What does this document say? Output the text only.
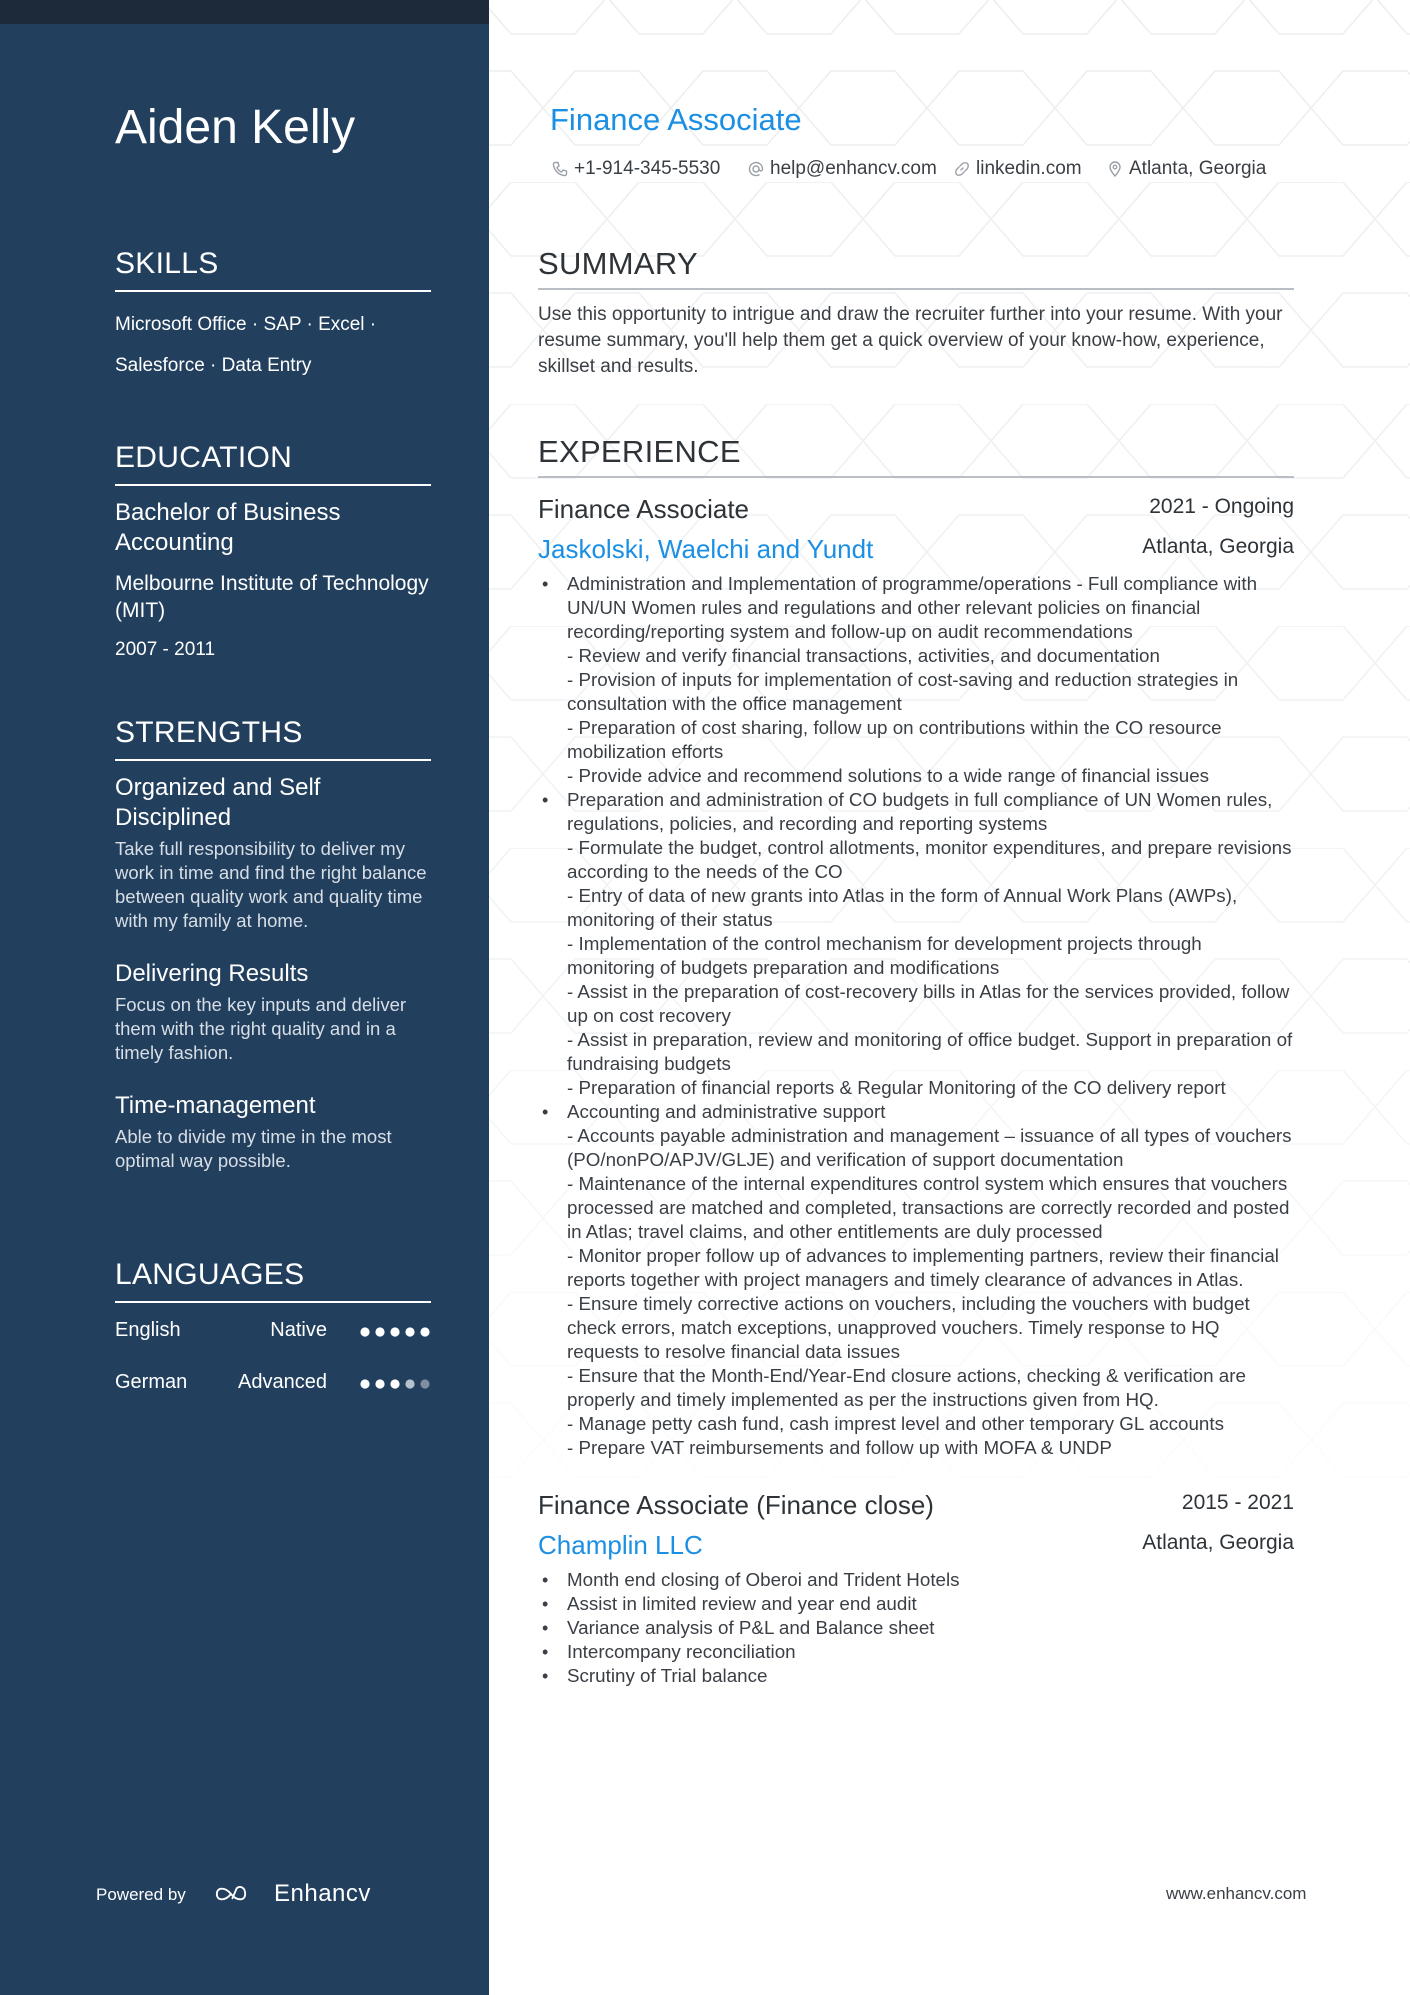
Aiden Kelly
SKILLS
Microsoft Office · SAP · Excel ·
Salesforce · Data Entry
EDUCATION
Bachelor of Business Accounting
Melbourne Institute of Technology (MIT)
2007 - 2011
STRENGTHS
Organized and Self Disciplined
Take full responsibility to deliver my work in time and find the right balance between quality work and quality time with my family at home.
Delivering Results
Focus on the key inputs and deliver them with the right quality and in a timely fashion.
Time-management
Able to divide my time in the most optimal way possible.
LANGUAGES
English	Native
German	Advanced
Powered by	Enhancv
Finance Associate
+1-914-345-5530	help@enhancv.com linkedin.com Atlanta, Georgia
SUMMARY
Use this opportunity to intrigue and draw the recruiter further into your resume. With your resume summary, you'll help them get a quick overview of your know-how, experience, skillset and results.
EXPERIENCE
Finance Associate	2021 - Ongoing
Jaskolski, Waelchi and Yundt	Atlanta, Georgia
• Administration and Implementation of programme/operations - Full compliance with UN/UN Women rules and regulations and other relevant policies on financial recording/reporting system and follow-up on audit recommendations
- Review and verify financial transactions, activities, and documentation
- Provision of inputs for implementation of cost-saving and reduction strategies in consultation with the office management
- Preparation of cost sharing, follow up on contributions within the CO resource mobilization efforts
- Provide advice and recommend solutions to a wide range of financial issues
• Preparation and administration of CO budgets in full compliance of UN Women rules, regulations, policies, and recording and reporting systems
- Formulate the budget, control allotments, monitor expenditures, and prepare revisions according to the needs of the CO
- Entry of data of new grants into Atlas in the form of Annual Work Plans (AWPs), monitoring of their status
- Implementation of the control mechanism for development projects through monitoring of budgets preparation and modifications
- Assist in the preparation of cost-recovery bills in Atlas for the services provided, follow up on cost recovery
- Assist in preparation, review and monitoring of office budget. Support in preparation of fundraising budgets
- Preparation of financial reports & Regular Monitoring of the CO delivery report
• Accounting and administrative support
- Accounts payable administration and management – issuance of all types of vouchers (PO/nonPO/APJV/GLJE) and verification of support documentation
- Maintenance of the internal expenditures control system which ensures that vouchers processed are matched and completed, transactions are correctly recorded and posted in Atlas; travel claims, and other entitlements are duly processed
- Monitor proper follow up of advances to implementing partners, review their financial reports together with project managers and timely clearance of advances in Atlas.
- Ensure timely corrective actions on vouchers, including the vouchers with budget check errors, match exceptions, unapproved vouchers. Timely response to HQ requests to resolve financial data issues
- Ensure that the Month-End/Year-End closure actions, checking & verification are properly and timely implemented as per the instructions given from HQ.
- Manage petty cash fund, cash imprest level and other temporary GL accounts
- Prepare VAT reimbursements and follow up with MOFA & UNDP
Finance Associate (Finance close)	2015 - 2021
Champlin LLC	Atlanta, Georgia
• Month end closing of Oberoi and Trident Hotels
• Assist in limited review and year end audit
• Variance analysis of P&L and Balance sheet
• Intercompany reconciliation
• Scrutiny of Trial balance
www.enhancv.com
